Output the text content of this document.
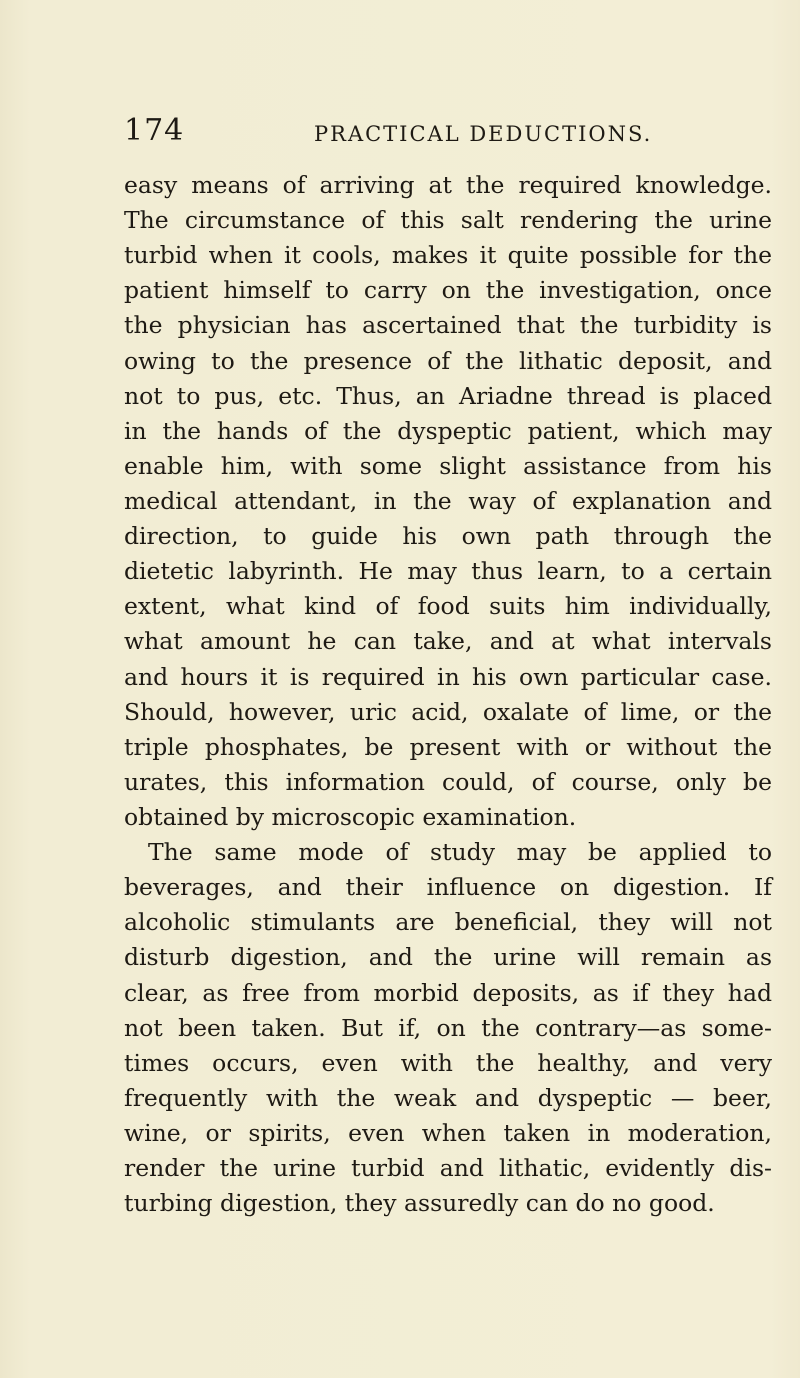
174	PRACTICAL DEDUCTIONS.
easy means of arriving at the required knowledge.
The circumstance of this salt rendering the urine
turbid when it cools, makes it quite possible for the
patient himself to carry on the investigation, once
the physician has ascertained that the turbidity is
owing to the presence of the lithatic deposit, and
not to pus, etc. Thus, an Ariadne thread is placed
in the hands of the dyspeptic patient, which may
enable him, with some slight assistance from his
medical attendant, in the way of explanation and
direction, to guide his own path through the
dietetic labyrinth. He may thus learn, to a certain
extent, what kind of food suits him individually,
what amount he can take, and at what intervals
and hours it is required in his own particular case.
Should, however, uric acid, oxalate of lime, or the
triple phosphates, be present with or without the
urates, this information could, of course, only be
obtained by microscopic examination.
The same mode of study may be applied to
beverages, and their influence on digestion. If
alcoholic stimulants are beneficial, they will not
disturb digestion, and the urine will remain as
clear, as free from morbid deposits, as if they had
not been taken. But if, on the contrary—as some-
times occurs, even with the healthy, and very
frequently with the weak and dyspeptic — beer,
wine, or spirits, even when taken in moderation,
render the urine turbid and lithatic, evidently dis-
turbing digestion, they assuredly can do no good.
